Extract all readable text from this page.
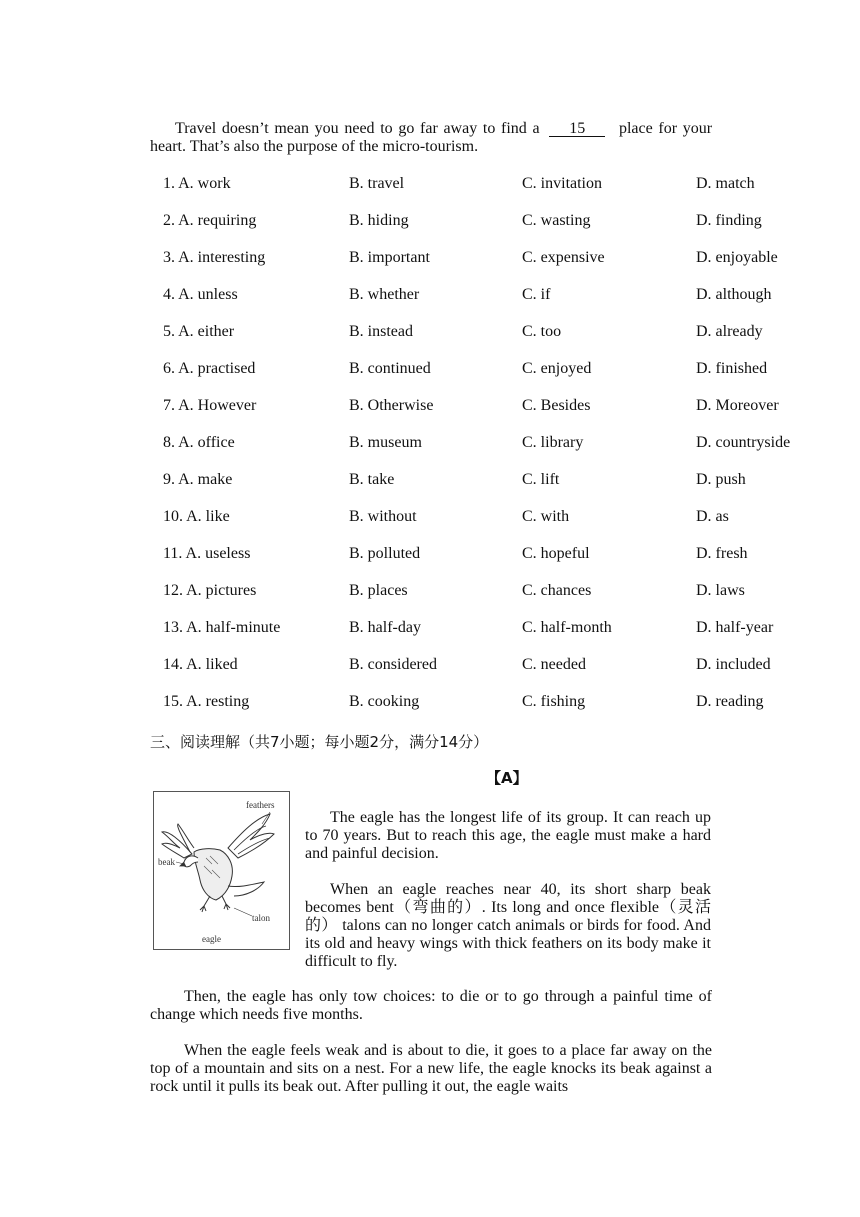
Travel doesn’t mean you need to go far away to find a 15 place for your heart. That’s also the purpose of the micro-tourism.
1. A. work	B. travel	C. invitation	D. match
2. A. requiring	B. hiding	C. wasting	D. finding
3. A. interesting	B. important	C. expensive	D. enjoyable
4. A. unless	B. whether	C. if	D. although
5. A. either	B. instead	C. too	D. already
6. A. practised	B. continued	C. enjoyed	D. finished
7. A. However	B. Otherwise	C. Besides	D. Moreover
8. A. office	B. museum	C. library	D. countryside
9. A. make	B. take	C. lift	D. push
10. A. like	B. without	C. with	D. as
11. A. useless	B. polluted	C. hopeful	D. fresh
12. A. pictures	B. places	C. chances	D. laws
13. A. half-minute	B. half-day	C. half-month	D. half-year
14. A. liked	B. considered	C. needed	D. included
15. A. resting	B. cooking	C. fishing	D. reading
三、阅读理解（共7小题；每小题2分，满分14分）
【A】
feathers
beak
talon
eagle
The eagle has the longest life of its group. It can reach up to 70 years. But to reach this age, the eagle must make a hard and painful decision.
When an eagle reaches near 40, its short sharp beak becomes bent（弯曲的）. Its long and once flexible（灵活的） talons can no longer catch animals or birds for food. And its old and heavy wings with thick feathers on its body make it difficult to fly.
Then, the eagle has only tow choices: to die or to go through a painful time of change which needs five months.
When the eagle feels weak and is about to die, it goes to a place far away on the top of a mountain and sits on a nest. For a new life, the eagle knocks its beak against a rock until it pulls its beak out. After pulling it out, the eagle waits
